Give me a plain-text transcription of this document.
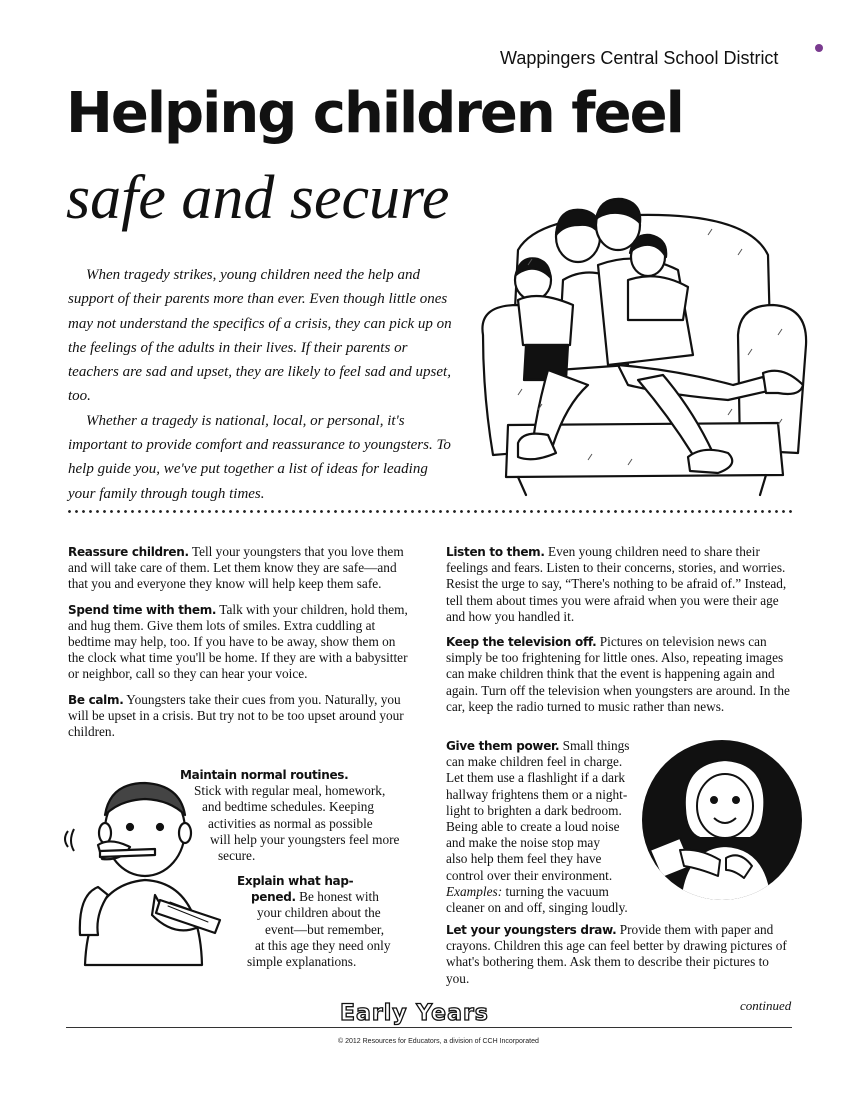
Wappingers Central School District
Helping children feel
safe and secure

When tragedy strikes, young children need the help and support of their parents more than ever. Even though little ones may not understand the specifics of a crisis, they can pick up on the feelings of the adults in their lives. If their parents or teachers are sad and upset, they are likely to feel sad and upset, too.

Whether a tragedy is national, local, or personal, it's important to provide comfort and reassurance to youngsters. To help guide you, we've put together a list of ideas for leading your family through tough times.

Reassure children. Tell your youngsters that you love them and will take care of them. Let them know they are safe—and that you and everyone they know will help keep them safe.

Spend time with them. Talk with your children, hold them, and hug them. Give them lots of smiles. Extra cuddling at bedtime may help, too. If you have to be away, show them on the clock what time you'll be home. If they are with a babysitter or neighbor, call so they can hear your voice.

Be calm. Youngsters take their cues from you. Naturally, you will be upset in a crisis. But try not to be too upset around your children.

Maintain normal routines.
Stick with regular meal, homework,
and bedtime schedules. Keeping
activities as normal as possible
will help your youngsters feel more
secure.
Explain what hap-
pened. Be honest with
your children about the
event—but remember,
at this age they need only
simple explanations.

Listen to them. Even young children need to share their feelings and fears. Listen to their concerns, stories, and worries. Resist the urge to say, “There's nothing to be afraid of.” Instead, tell them about times you were afraid when you were their age and how you handled it.

Keep the television off. Pictures on television news can simply be too frightening for little ones. Also, repeating images can make children think that the event is happening again and again. Turn off the television when youngsters are around. In the car, keep the radio turned to music rather than news.

Give them power. Small things
can make children feel in charge.
Let them use a flashlight if a dark
hallway frightens them or a night-
light to brighten a dark bedroom.
Being able to create a loud noise
and make the noise stop may
also help them feel they have
control over their environment.
Examples: turning the vacuum
cleaner on and off, singing loudly.

Let your youngsters draw. Provide them with paper and crayons. Children this age can feel better by drawing pictures of what's bothering them. Ask them to describe their pictures to you.

continued
Early Years
© 2012 Resources for Educators, a division of CCH Incorporated
